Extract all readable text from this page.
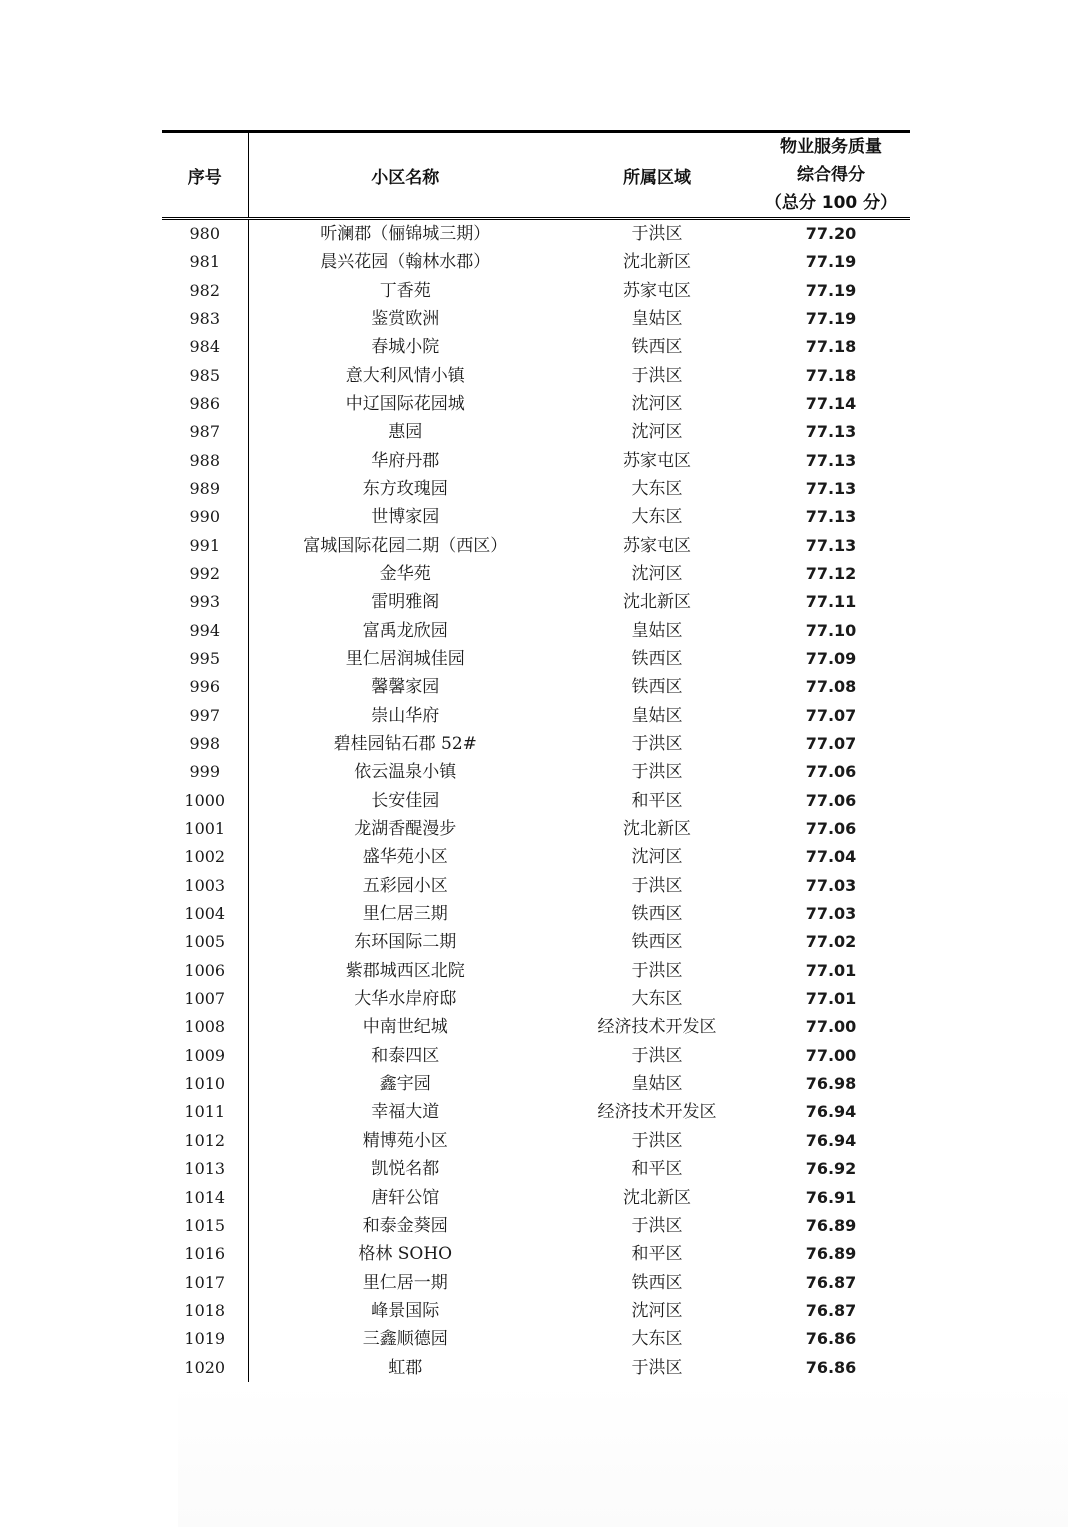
序号	小区名称	所属区域	物业服务质量
综合得分
（总分 100 分）

980	听澜郡（俪锦城三期）	于洪区	77.20
981	晨兴花园（翰林水郡）	沈北新区	77.19
982	丁香苑	苏家屯区	77.19
983	鉴赏欧洲	皇姑区	77.19
984	春城小院	铁西区	77.18
985	意大利风情小镇	于洪区	77.18
986	中辽国际花园城	沈河区	77.14
987	惠园	沈河区	77.13
988	华府丹郡	苏家屯区	77.13
989	东方玫瑰园	大东区	77.13
990	世博家园	大东区	77.13
991	富城国际花园二期（西区）	苏家屯区	77.13
992	金华苑	沈河区	77.12
993	雷明雅阁	沈北新区	77.11
994	富禹龙欣园	皇姑区	77.10
995	里仁居润城佳园	铁西区	77.09
996	馨馨家园	铁西区	77.08
997	崇山华府	皇姑区	77.07
998	碧桂园钻石郡 52#	于洪区	77.07
999	依云温泉小镇	于洪区	77.06
1000	长安佳园	和平区	77.06
1001	龙湖香醍漫步	沈北新区	77.06
1002	盛华苑小区	沈河区	77.04
1003	五彩园小区	于洪区	77.03
1004	里仁居三期	铁西区	77.03
1005	东环国际二期	铁西区	77.02
1006	紫郡城西区北院	于洪区	77.01
1007	大华水岸府邸	大东区	77.01
1008	中南世纪城	经济技术开发区	77.00
1009	和泰四区	于洪区	77.00
1010	鑫宇园	皇姑区	76.98
1011	幸福大道	经济技术开发区	76.94
1012	精博苑小区	于洪区	76.94
1013	凯悦名都	和平区	76.92
1014	唐轩公馆	沈北新区	76.91
1015	和泰金葵园	于洪区	76.89
1016	格林 SOHO	和平区	76.89
1017	里仁居一期	铁西区	76.87
1018	峰景国际	沈河区	76.87
1019	三鑫顺德园	大东区	76.86
1020	虹郡	于洪区	76.86
